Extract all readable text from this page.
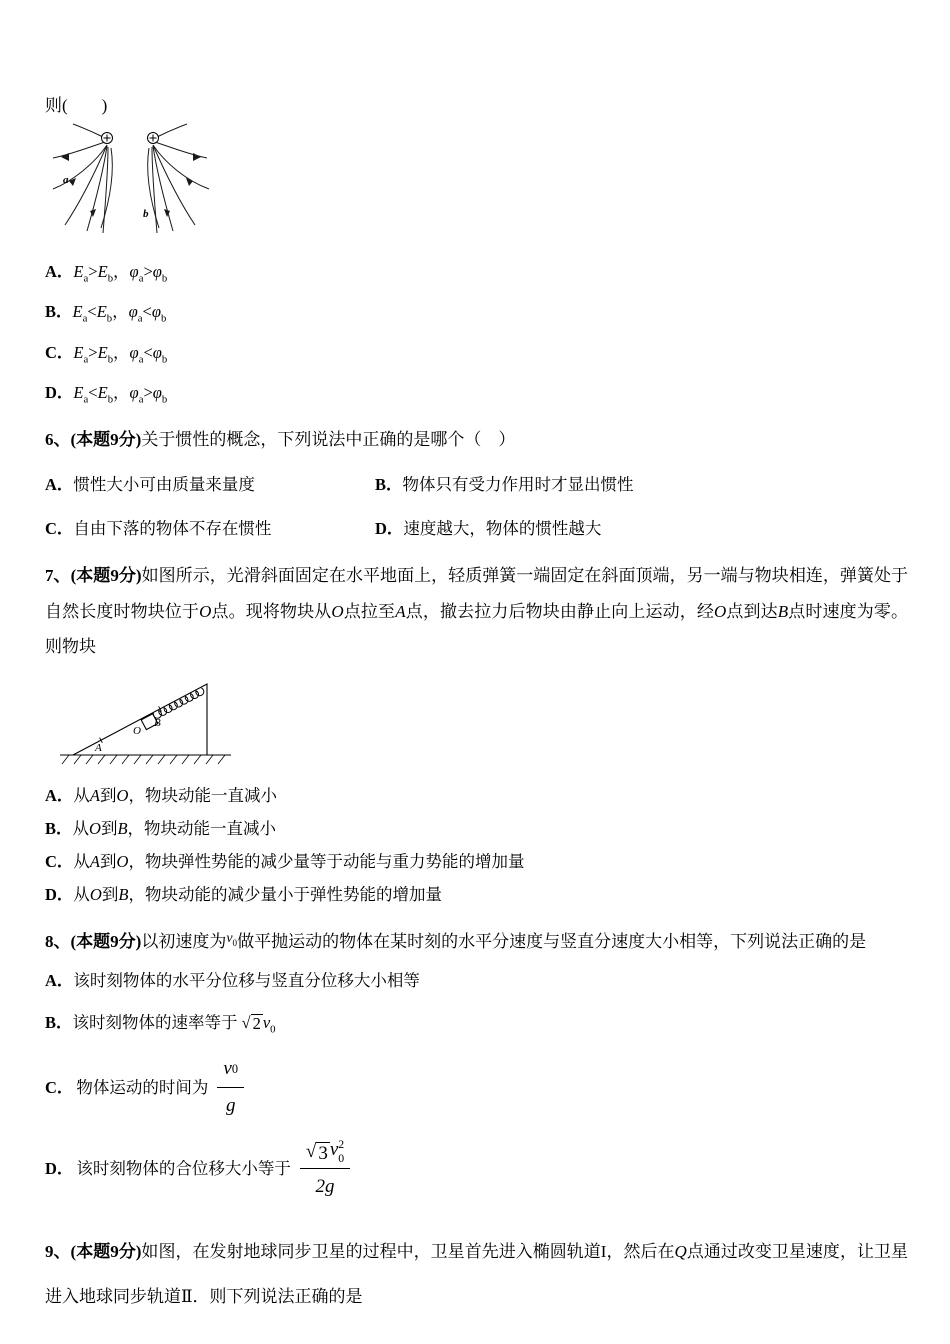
则(　　)
a
b
A．$E_a>E_b$，$\varphi_a>\varphi_b$
B．$E_a<E_b$，$\varphi_a<\varphi_b$
C．$E_a>E_b$，$\varphi_a<\varphi_b$
D．$E_a<E_b$，$\varphi_a>\varphi_b$
6、(本题9分)关于惯性的概念，下列说法中正确的是哪个（　）
A．惯性大小可由质量来量度	B．物体只有受力作用时才显出惯性
C．自由下落的物体不存在惯性	D．速度越大，物体的惯性越大
7、(本题9分)如图所示，光滑斜面固定在水平地面上，轻质弹簧一端固定在斜面顶端，另一端与物块相连，弹簧处于自然长度时物块位于O点。现将物块从O点拉至A点，撤去拉力后物块由静止向上运动，经O点到达B点时速度为零。则物块
A
O
B
A．从A到O，物块动能一直减小
B．从O到B，物块动能一直减小
C．从A到O，物块弹性势能的减少量等于动能与重力势能的增加量
D．从O到B，物块动能的减少量小于弹性势能的增加量
8、(本题9分)以初速度为$^{v_0}$做平抛运动的物体在某时刻的水平分速度与竖直分速度大小相等，下列说法正确的是
A．该时刻物体的水平分位移与竖直分位移大小相等
B．该时刻物体的速率等于 √ 2 $v_0$
C． 物体运动的时间为 $\frac{v 0}{g}$
D． 该时刻物体的合位移大小等于 √ 3 v 2
0
2g
9、(本题9分)如图，在发射地球同步卫星的过程中，卫星首先进入椭圆轨道I，然后在Q点通过改变卫星速度，让卫星进入地球同步轨道Ⅱ．则下列说法正确的是
